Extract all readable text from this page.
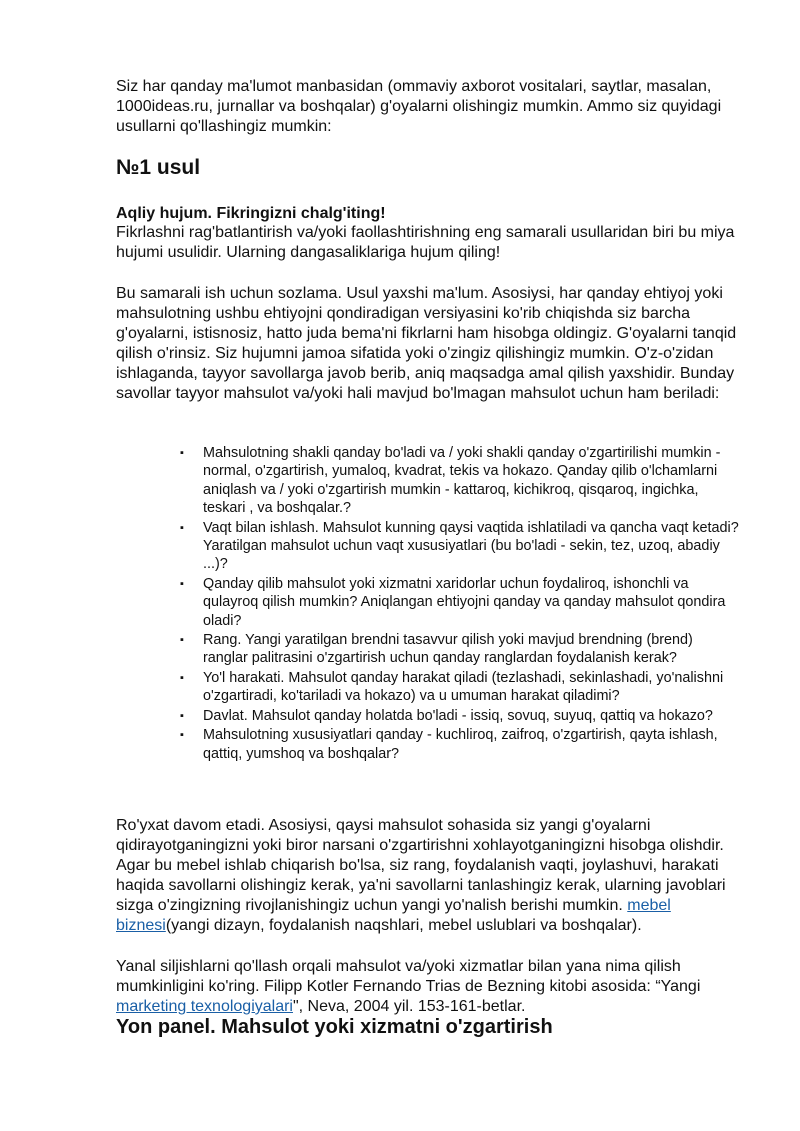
Siz har qanday ma'lumot manbasidan (ommaviy axborot vositalari, saytlar, masalan, 1000ideas.ru, jurnallar va boshqalar) g'oyalarni olishingiz mumkin. Ammo siz quyidagi usullarni qo'llashingiz mumkin:

№1 usul
Aqliy hujum. Fikringizni chalg'iting!

Fikrlashni rag'batlantirish va/yoki faollashtirishning eng samarali usullaridan biri bu miya hujumi usulidir. Ularning dangasaliklariga hujum qiling!

Bu samarali ish uchun sozlama. Usul yaxshi ma'lum. Asosiysi, har qanday ehtiyoj yoki mahsulotning ushbu ehtiyojni qondiradigan versiyasini ko'rib chiqishda siz barcha g'oyalarni, istisnosiz, hatto juda bema'ni fikrlarni ham hisobga oldingiz. G'oyalarni tanqid qilish o'rinsiz. Siz hujumni jamoa sifatida yoki o'zingiz qilishingiz mumkin. O'z-o'zidan ishlaganda, tayyor savollarga javob berib, aniq maqsadga amal qilish yaxshidir. Bunday savollar tayyor mahsulot va/yoki hali mavjud bo'lmagan mahsulot uchun ham beriladi:

▪ Mahsulotning shakli qanday bo'ladi va / yoki shakli qanday o'zgartirilishi mumkin - normal, o'zgartirish, yumaloq, kvadrat, tekis va hokazo. Qanday qilib o'lchamlarni aniqlash va / yoki o'zgartirish mumkin - kattaroq, kichikroq, qisqaroq, ingichka, teskari , va boshqalar.?
▪ Vaqt bilan ishlash. Mahsulot kunning qaysi vaqtida ishlatiladi va qancha vaqt ketadi? Yaratilgan mahsulot uchun vaqt xususiyatlari (bu bo'ladi - sekin, tez, uzoq, abadiy ...)?
▪ Qanday qilib mahsulot yoki xizmatni xaridorlar uchun foydaliroq, ishonchli va qulayroq qilish mumkin? Aniqlangan ehtiyojni qanday va qanday mahsulot qondira oladi?
▪ Rang. Yangi yaratilgan brendni tasavvur qilish yoki mavjud brendning (brend) ranglar palitrasini o'zgartirish uchun qanday ranglardan foydalanish kerak?
▪ Yo'l harakati. Mahsulot qanday harakat qiladi (tezlashadi, sekinlashadi, yo'nalishni o'zgartiradi, ko'tariladi va hokazo) va u umuman harakat qiladimi?
▪ Davlat. Mahsulot qanday holatda bo'ladi - issiq, sovuq, suyuq, qattiq va hokazo?
▪ Mahsulotning xususiyatlari qanday - kuchliroq, zaifroq, o'zgartirish, qayta ishlash, qattiq, yumshoq va boshqalar?

Ro'yxat davom etadi. Asosiysi, qaysi mahsulot sohasida siz yangi g'oyalarni qidirayotganingizni yoki biror narsani o'zgartirishni xohlayotganingizni hisobga olishdir. Agar bu mebel ishlab chiqarish bo'lsa, siz rang, foydalanish vaqti, joylashuvi, harakati haqida savollarni olishingiz kerak, ya'ni savollarni tanlashingiz kerak, ularning javoblari sizga o'zingizning rivojlanishingiz uchun yangi yo'nalish berishi mumkin. mebel biznesi(yangi dizayn, foydalanish naqshlari, mebel uslublari va boshqalar).

Yanal siljishlarni qo'llash orqali mahsulot va/yoki xizmatlar bilan yana nima qilish mumkinligini ko'ring. Filipp Kotler Fernando Trias de Bezning kitobi asosida: “Yangi marketing texnologiyalari", Neva, 2004 yil. 153-161-betlar.

Yon panel. Mahsulot yoki xizmatni o'zgartirish
